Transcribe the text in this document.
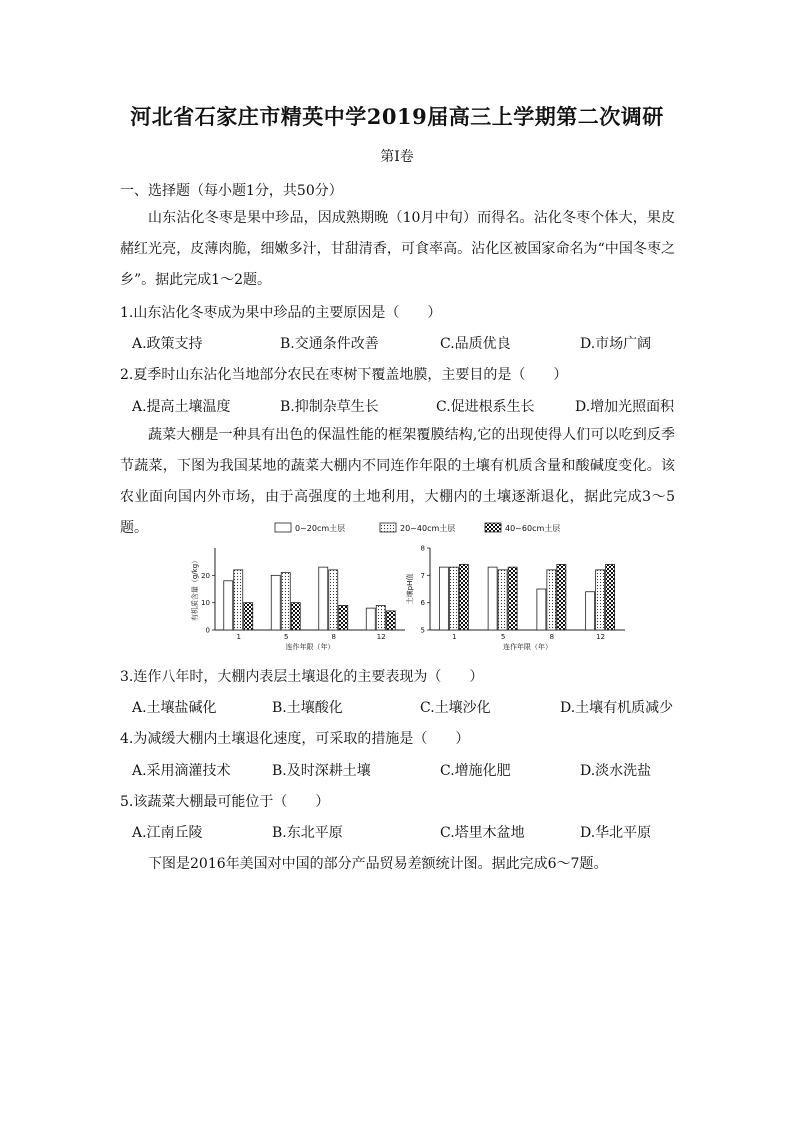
河北省石家庄市精英中学2019届高三上学期第二次调研
第Ⅰ卷
一、选择题（每小题1分，共50分）
山东沾化冬枣是果中珍品，因成熟期晚（10月中旬）而得名。沾化冬枣个体大，果皮赭红光亮，皮薄肉脆，细嫩多汁，甘甜清香，可食率高。沾化区被国家命名为“中国冬枣之乡”。据此完成1～2题。
1.山东沾化冬枣成为果中珍品的主要原因是（　　）
A.政策支持	B.交通条件改善	C.品质优良	D.市场广阔
2.夏季时山东沾化当地部分农民在枣树下覆盖地膜，主要目的是（　　）
A.提高土壤温度	B.抑制杂草生长	C.促进根系生长	D.增加光照面积
蔬菜大棚是一种具有出色的保温性能的框架覆膜结构,它的出现使得人们可以吃到反季节蔬菜，下图为我国某地的蔬菜大棚内不同连作年限的土壤有机质含量和酸碱度变化。该农业面向国内外市场，由于高强度的土地利用，大棚内的土壤逐渐退化，据此完成3～5题。	0~20cm土层	20~40cm土层	40~60cm土层
0
10
20
有机质含量（g/kg）
1	5	8	12
连作年限（年）
5
6
7
8
土壤pH值
1	5	8	12
连作年限（年）
3.连作八年时，大棚内表层土壤退化的主要表现为（　　）
A.土壤盐碱化	B.土壤酸化	C.土壤沙化	D.土壤有机质减少
4.为减缓大棚内土壤退化速度，可采取的措施是（　　）
A.采用滴灌技术	B.及时深耕土壤	C.增施化肥	D.淡水洗盐
5.该蔬菜大棚最可能位于（　　）
A.江南丘陵	B.东北平原	C.塔里木盆地	D.华北平原
下图是2016年美国对中国的部分产品贸易差额统计图。据此完成6～7题。
